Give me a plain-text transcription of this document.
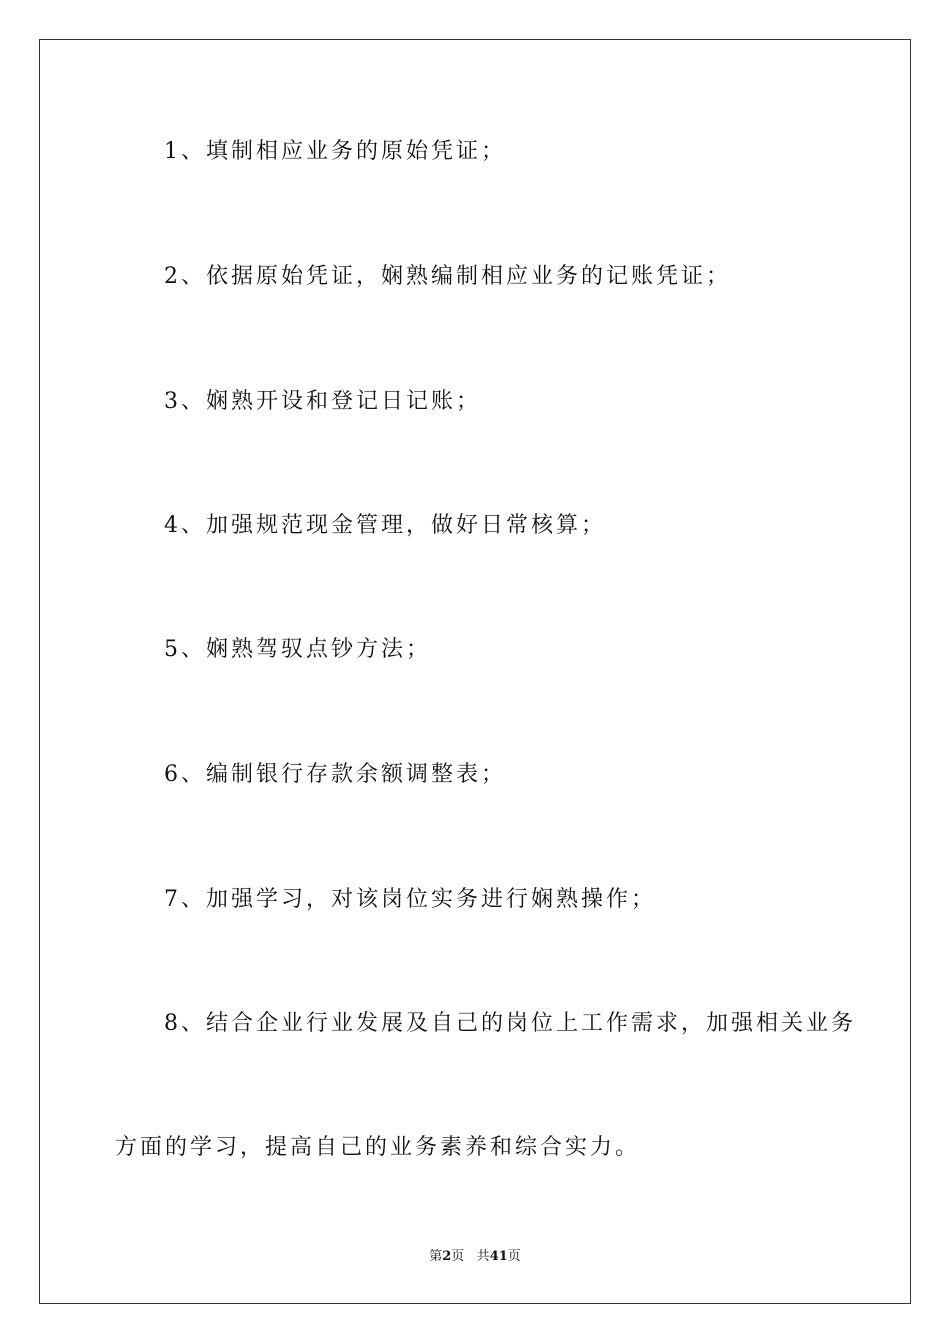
1、填制相应业务的原始凭证；
2、依据原始凭证，娴熟编制相应业务的记账凭证；
3、娴熟开设和登记日记账；
4、加强规范现金管理，做好日常核算；
5、娴熟驾驭点钞方法；
6、编制银行存款余额调整表；
7、加强学习，对该岗位实务进行娴熟操作；
8、结合企业行业发展及自己的岗位上工作需求，加强相关业务
方面的学习，提高自己的业务素养和综合实力。
第2页 共41页
